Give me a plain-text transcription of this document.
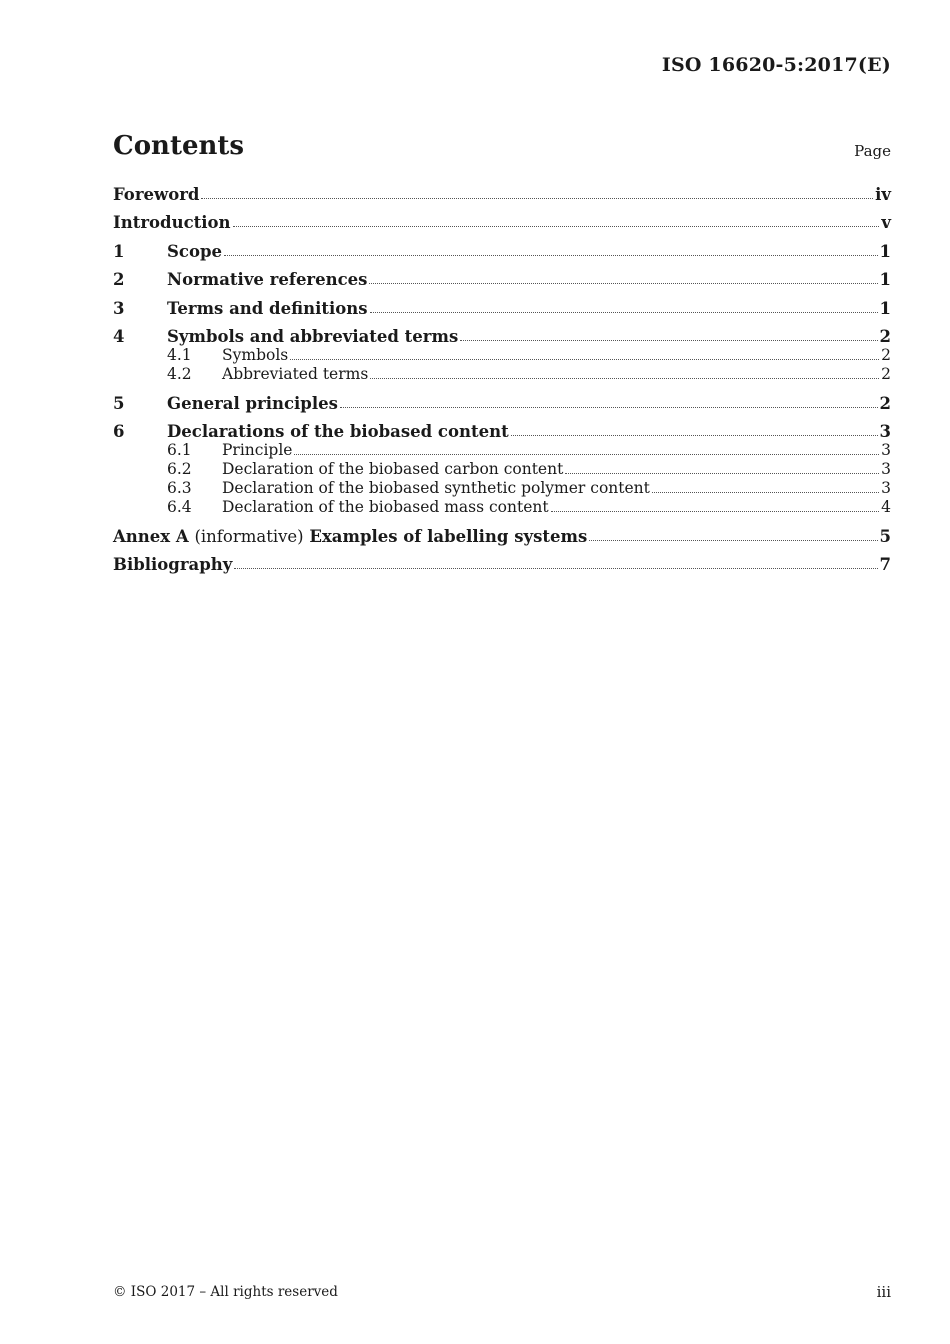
ISO 16620-5:2017(E)
Contents	Page
Foreword	iv
Introduction	v
1	Scope	1
2	Normative references	1
3	Terms and definitions	1
4	Symbols and abbreviated terms	2
4.1	Symbols	2
4.2	Abbreviated terms	2
5	General principles	2
6	Declarations of the biobased content	3
6.1	Principle	3
6.2	Declaration of the biobased carbon content	3
6.3	Declaration of the biobased synthetic polymer content	3
6.4	Declaration of the biobased mass content	4
Annex A (informative) Examples of labelling systems	5
Bibliography	7
© ISO 2017 – All rights reserved	iii
